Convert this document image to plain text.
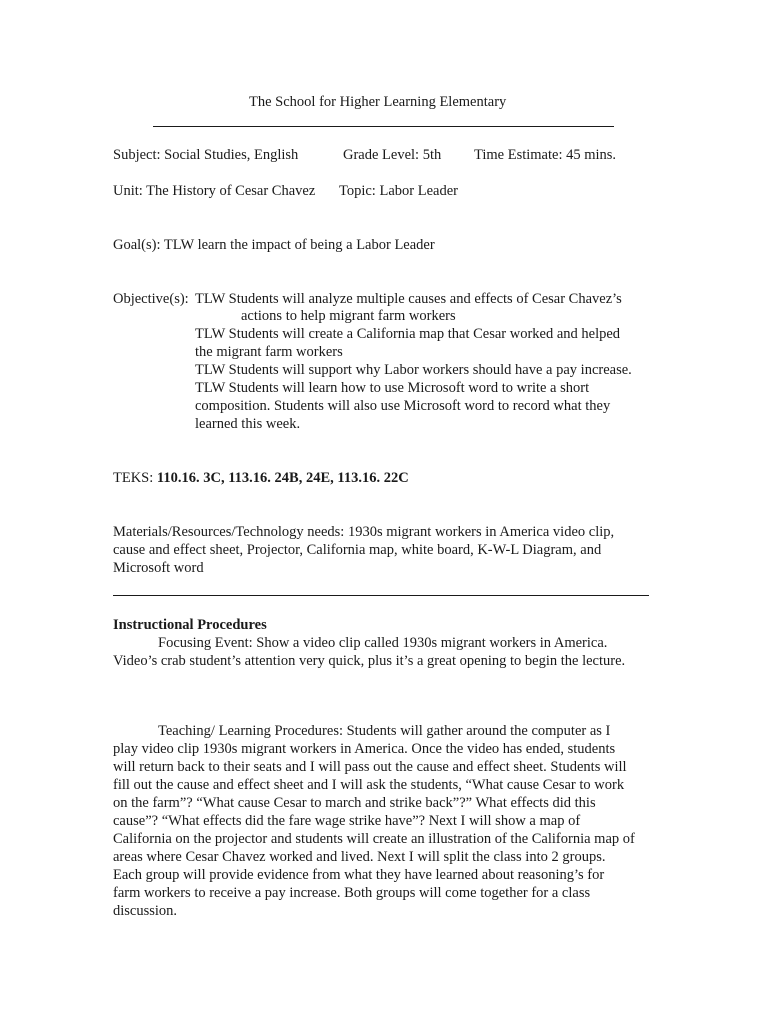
The School for Higher Learning Elementary
Subject: Social Studies, English	Grade Level: 5th Time Estimate: 45 mins.
Unit: The History of Cesar Chavez Topic: Labor Leader
Goal(s): TLW learn the impact of being a Labor Leader
Objective(s): TLW Students will analyze multiple causes and effects of Cesar Chavez’s
actions to help migrant farm workers
TLW Students will create a California map that Cesar worked and helped
the migrant farm workers
TLW Students will support why Labor workers should have a pay increase.
TLW Students will learn how to use Microsoft word to write a short
composition. Students will also use Microsoft word to record what they
learned this week.
TEKS: 110.16. 3C, 113.16. 24B, 24E, 113.16. 22C
Materials/Resources/Technology needs: 1930s migrant workers in America video clip,
cause and effect sheet, Projector, California map, white board, K-W-L Diagram, and
Microsoft word
Instructional Procedures
Focusing Event: Show a video clip called 1930s migrant workers in America.
Video’s crab student’s attention very quick, plus it’s a great opening to begin the lecture.
Teaching/ Learning Procedures: Students will gather around the computer as I
play video clip 1930s migrant workers in America. Once the video has ended, students
will return back to their seats and I will pass out the cause and effect sheet. Students will
fill out the cause and effect sheet and I will ask the students, “What cause Cesar to work
on the farm”? “What cause Cesar to march and strike back”?” What effects did this
cause”? “What effects did the fare wage strike have”? Next I will show a map of
California on the projector and students will create an illustration of the California map of
areas where Cesar Chavez worked and lived. Next I will split the class into 2 groups.
Each group will provide evidence from what they have learned about reasoning’s for
farm workers to receive a pay increase. Both groups will come together for a class
discussion.
